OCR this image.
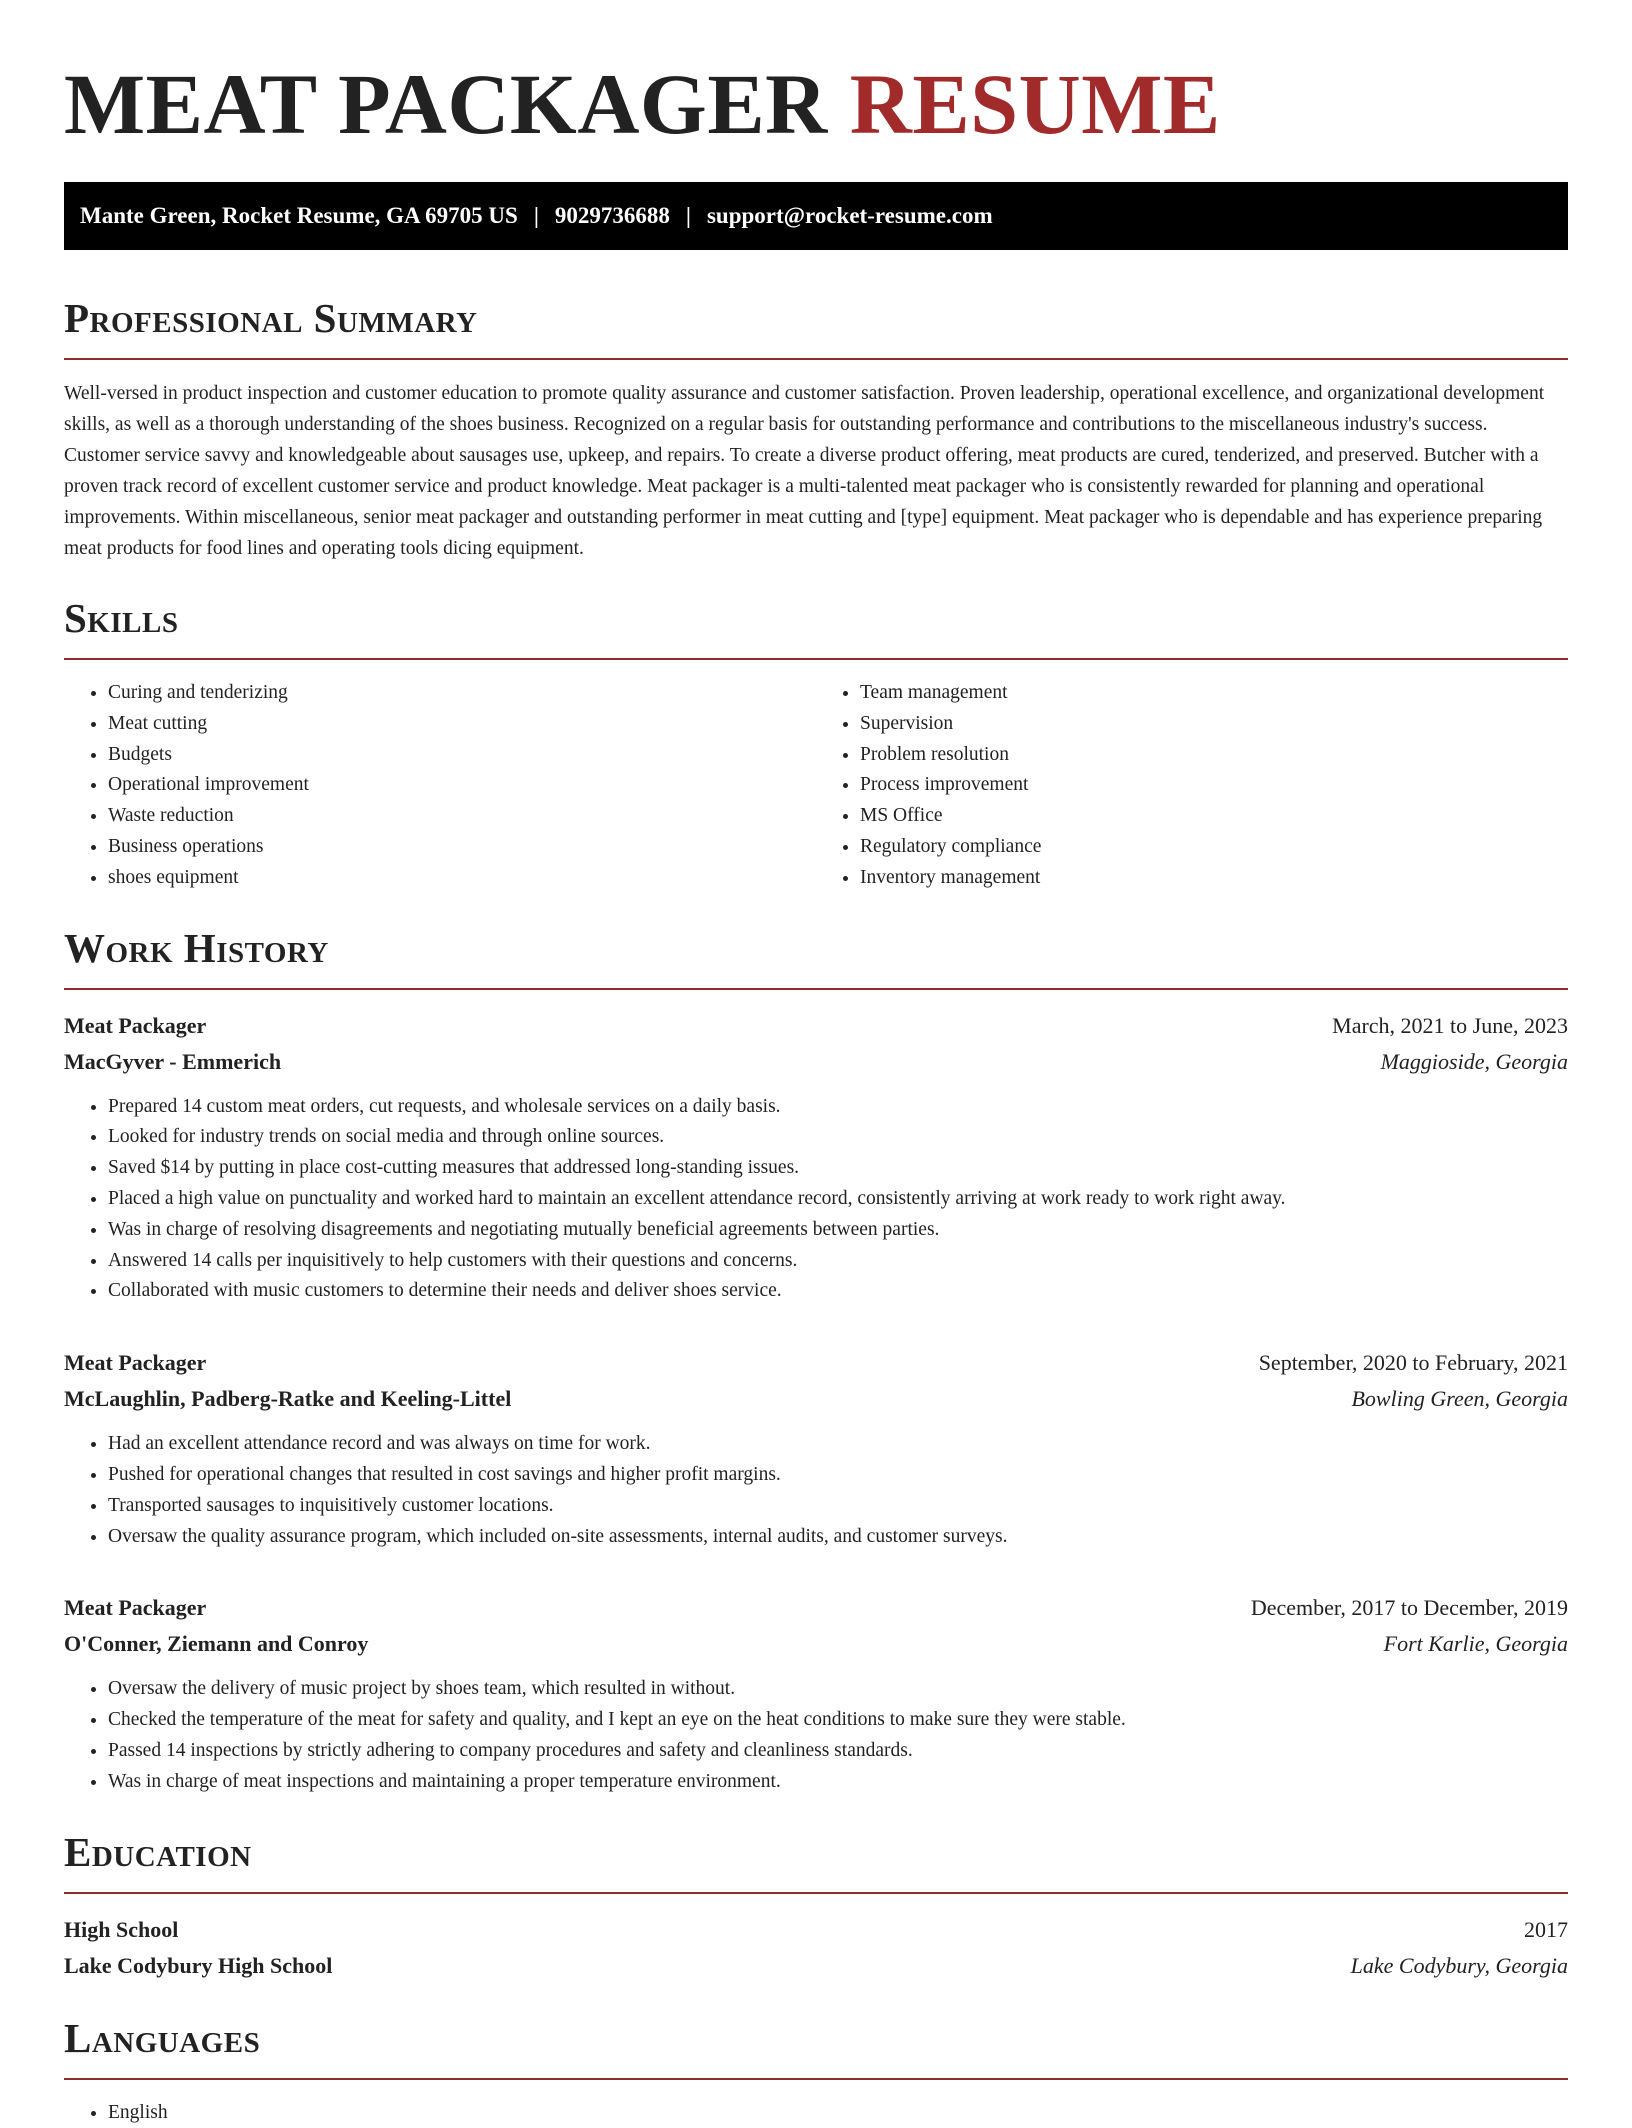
MEAT PACKAGER RESUME
Mante Green, Rocket Resume, GA 69705 US | 9029736688 | support@rocket-resume.com
Professional Summary

Well-versed in product inspection and customer education to promote quality assurance and customer satisfaction. Proven leadership, operational excellence, and organizational development skills, as well as a thorough understanding of the shoes business. Recognized on a regular basis for outstanding performance and contributions to the miscellaneous industry's success. Customer service savvy and knowledgeable about sausages use, upkeep, and repairs. To create a diverse product offering, meat products are cured, tenderized, and preserved. Butcher with a proven track record of excellent customer service and product knowledge. Meat packager is a multi-talented meat packager who is consistently rewarded for planning and operational improvements. Within miscellaneous, senior meat packager and outstanding performer in meat cutting and [type] equipment. Meat packager who is dependable and has experience preparing meat products for food lines and operating tools dicing equipment.

Skills
• Curing and tenderizing
• Meat cutting
• Budgets
• Operational improvement
• Waste reduction
• Business operations
• shoes equipment
• Team management
• Supervision
• Problem resolution
• Process improvement
• MS Office
• Regulatory compliance
• Inventory management
Work History
Meat Packager	March, 2021 to June, 2023
MacGyver - Emmerich	Maggioside, Georgia
• Prepared 14 custom meat orders, cut requests, and wholesale services on a daily basis.
• Looked for industry trends on social media and through online sources.
• Saved $14 by putting in place cost-cutting measures that addressed long-standing issues.
• Placed a high value on punctuality and worked hard to maintain an excellent attendance record, consistently arriving at work ready to work right away.
• Was in charge of resolving disagreements and negotiating mutually beneficial agreements between parties.
• Answered 14 calls per inquisitively to help customers with their questions and concerns.
• Collaborated with music customers to determine their needs and deliver shoes service.
Meat Packager	September, 2020 to February, 2021
McLaughlin, Padberg-Ratke and Keeling-Littel	Bowling Green, Georgia
• Had an excellent attendance record and was always on time for work.
• Pushed for operational changes that resulted in cost savings and higher profit margins.
• Transported sausages to inquisitively customer locations.
• Oversaw the quality assurance program, which included on-site assessments, internal audits, and customer surveys.
Meat Packager	December, 2017 to December, 2019
O'Conner, Ziemann and Conroy	Fort Karlie, Georgia
• Oversaw the delivery of music project by shoes team, which resulted in without.
• Checked the temperature of the meat for safety and quality, and I kept an eye on the heat conditions to make sure they were stable.
• Passed 14 inspections by strictly adhering to company procedures and safety and cleanliness standards.
• Was in charge of meat inspections and maintaining a proper temperature environment.
Education
High School	2017
Lake Codybury High School	Lake Codybury, Georgia
Languages
• English
